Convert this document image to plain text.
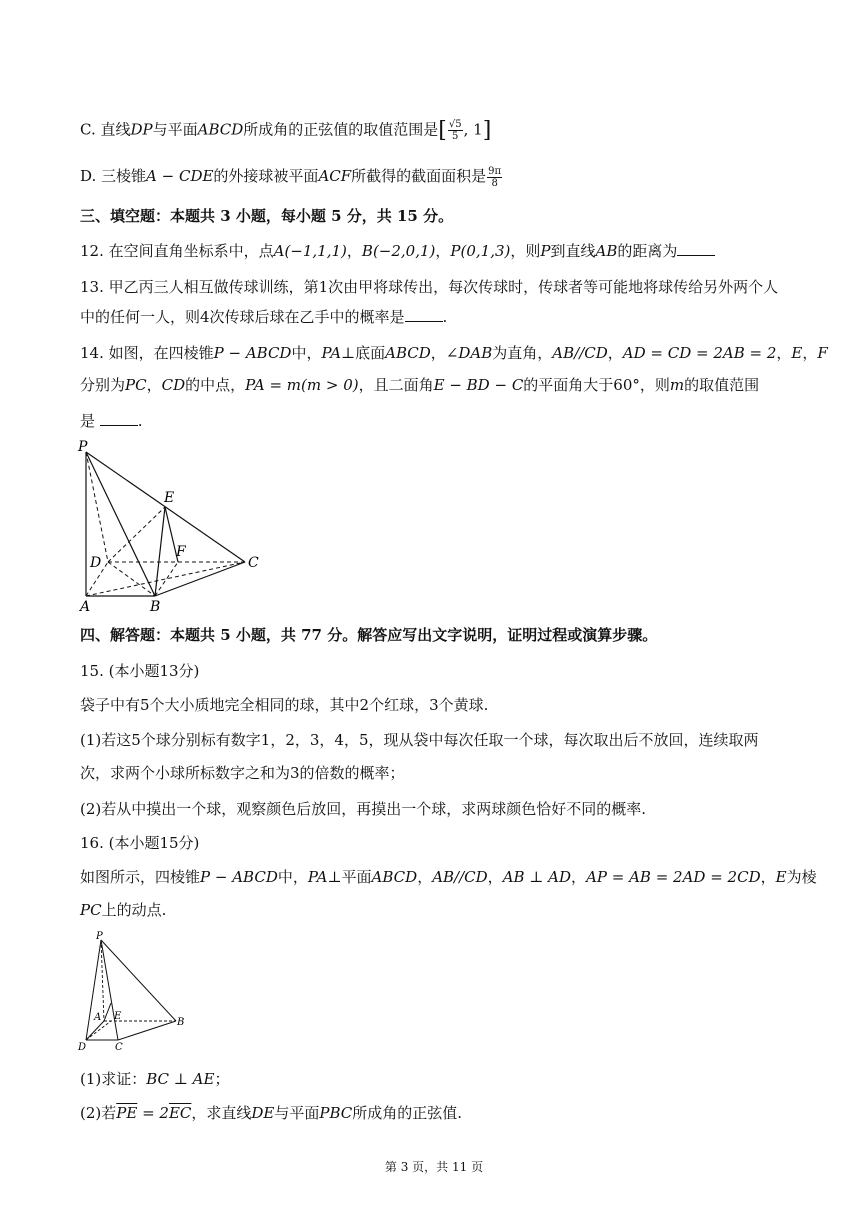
C. 直线DP与平面ABCD所成角的正弦值的取值范围是[ $\frac{√5}{5}$ , 1]
D. 三棱锥A − CDE的外接球被平面ACF所截得的截面面积是 $\frac{9\pi}{8}$
三、填空题：本题共 3 小题，每小题 5 分，共 15 分。
12. 在空间直角坐标系中，点A(−1,1,1)，B(−2,0,1)，P(0,1,3)，则P到直线AB的距离为
13. 甲乙丙三人相互做传球训练，第1次由甲将球传出，每次传球时，传球者等可能地将球传给另外两个人
中的任何一人，则4次传球后球在乙手中的概率是	.
14. 如图，在四棱锥P − ABCD中，PA⊥底面ABCD，∠DAB为直角，AB//CD，AD = CD = 2AB = 2，E，F
分别为PC，CD的中点，PA = m(m > 0)，且二面角E − BD − C的平面角大于60°，则m的取值范围
是	.
P
E
F
D	C
A	B
四、解答题：本题共 5 小题，共 77 分。解答应写出文字说明，证明过程或演算步骤。
15. (本小题13分)
袋子中有5个大小质地完全相同的球，其中2个红球，3个黄球.
(1)若这5个球分别标有数字1，2，3，4，5，现从袋中每次任取一个球，每次取出后不放回，连续取两
次，求两个小球所标数字之和为3的倍数的概率；
(2)若从中摸出一个球，观察颜色后放回，再摸出一个球，求两球颜色恰好不同的概率.
16. (本小题15分)
如图所示，四棱锥P − ABCD中，PA⊥平面ABCD，AB//CD，AB ⊥ AD，AP = AB = 2AD = 2CD，E为棱
PC上的动点.
P
A E
B
D	C
(1)求证：BC ⊥ AE；
(2)若$\overline{PE} = 2\overline{EC}$，求直线DE与平面PBC所成角的正弦值.
第 3 页，共 11 页
